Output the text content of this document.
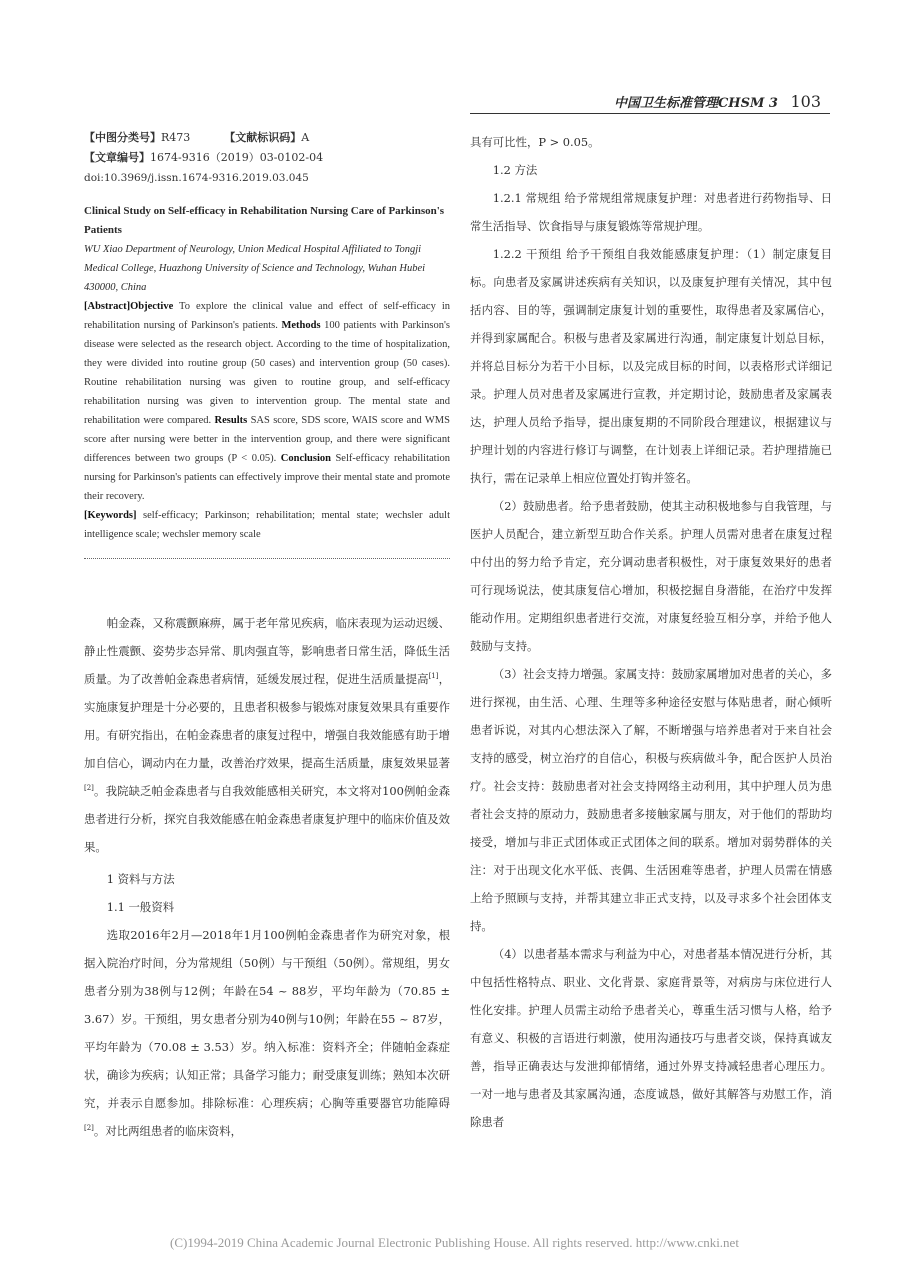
中国卫生标准管理CHSM 3 103
【中图分类号】R473	【文献标识码】A
【文章编号】1674-9316（2019）03-0102-04
doi:10.3969/j.issn.1674-9316.2019.03.045
Clinical Study on Self-efficacy in Rehabilitation Nursing Care of Parkinson's Patients
WU Xiao Department of Neurology, Union Medical Hospital Affiliated to Tongji Medical College, Huazhong University of Science and Technology, Wuhan Hubei 430000, China
[Abstract]Objective To explore the clinical value and effect of self-efficacy in rehabilitation nursing of Parkinson's patients. Methods 100 patients with Parkinson's disease were selected as the research object. According to the time of hospitalization, they were divided into routine group (50 cases) and intervention group (50 cases). Routine rehabilitation nursing was given to routine group, and self-efficacy rehabilitation nursing was given to intervention group. The mental state and rehabilitation were compared. Results SAS score, SDS score, WAIS score and WMS score after nursing were better in the intervention group, and there were significant differences between two groups (P < 0.05). Conclusion Self-efficacy rehabilitation nursing for Parkinson's patients can effectively improve their mental state and promote their recovery.
[Keywords] self-efficacy; Parkinson; rehabilitation; mental state; wechsler adult intelligence scale; wechsler memory scale
帕金森，又称震颤麻痹，属于老年常见疾病，临床表现为运动迟缓、静止性震颤、姿势步态异常、肌肉强直等，影响患者日常生活，降低生活质量。为了改善帕金森患者病情，延缓发展过程，促进生活质量提高[1]，实施康复护理是十分必要的，且患者积极参与锻炼对康复效果具有重要作用。有研究指出，在帕金森患者的康复过程中，增强自我效能感有助于增加自信心，调动内在力量，改善治疗效果，提高生活质量，康复效果显著[2]。我院缺乏帕金森患者与自我效能感相关研究，本文将对100例帕金森患者进行分析，探究自我效能感在帕金森患者康复护理中的临床价值及效果。
1 资料与方法
1.1 一般资料
选取2016年2月—2018年1月100例帕金森患者作为研究对象，根据入院治疗时间，分为常规组（50例）与干预组（50例）。常规组，男女患者分别为38例与12例；年龄在54 ~ 88岁，平均年龄为（70.85 ± 3.67）岁。干预组，男女患者分别为40例与10例；年龄在55 ~ 87岁，平均年龄为（70.08 ± 3.53）岁。纳入标准：资料齐全；伴随帕金森症状，确诊为疾病；认知正常；具备学习能力；耐受康复训练；熟知本次研究，并表示自愿参加。排除标准：心理疾病；心胸等重要器官功能障碍[2]。对比两组患者的临床资料，
具有可比性，P > 0.05。
1.2 方法
1.2.1 常规组 给予常规组常规康复护理：对患者进行药物指导、日常生活指导、饮食指导与康复锻炼等常规护理。
1.2.2 干预组 给予干预组自我效能感康复护理：（1）制定康复目标。向患者及家属讲述疾病有关知识，以及康复护理有关情况，其中包括内容、目的等，强调制定康复计划的重要性，取得患者及家属信心，并得到家属配合。积极与患者及家属进行沟通，制定康复计划总目标，并将总目标分为若干小目标，以及完成目标的时间，以表格形式详细记录。护理人员对患者及家属进行宣教，并定期讨论，鼓励患者及家属表达，护理人员给予指导，提出康复期的不同阶段合理建议，根据建议与护理计划的内容进行修订与调整，在计划表上详细记录。若护理措施已执行，需在记录单上相应位置处打钩并签名。
（2）鼓励患者。给予患者鼓励，使其主动积极地参与自我管理，与医护人员配合，建立新型互助合作关系。护理人员需对患者在康复过程中付出的努力给予肯定，充分调动患者积极性，对于康复效果好的患者可行现场说法，使其康复信心增加，积极挖掘自身潜能，在治疗中发挥能动作用。定期组织患者进行交流，对康复经验互相分享，并给予他人鼓励与支持。
（3）社会支持力增强。家属支持：鼓励家属增加对患者的关心，多进行探视，由生活、心理、生理等多种途径安慰与体贴患者，耐心倾听患者诉说，对其内心想法深入了解，不断增强与培养患者对于来自社会支持的感受，树立治疗的自信心，积极与疾病做斗争，配合医护人员治疗。社会支持：鼓励患者对社会支持网络主动利用，其中护理人员为患者社会支持的原动力，鼓励患者多接触家属与朋友，对于他们的帮助均接受，增加与非正式团体或正式团体之间的联系。增加对弱势群体的关注：对于出现文化水平低、丧偶、生活困难等患者，护理人员需在情感上给予照顾与支持，并帮其建立非正式支持，以及寻求多个社会团体支持。
（4）以患者基本需求与利益为中心，对患者基本情况进行分析，其中包括性格特点、职业、文化背景、家庭背景等，对病房与床位进行人性化安排。护理人员需主动给予患者关心，尊重生活习惯与人格，给予有意义、积极的言语进行刺激，使用沟通技巧与患者交谈，保持真诚友善，指导正确表达与发泄抑郁情绪，通过外界支持减轻患者心理压力。一对一地与患者及其家属沟通，态度诚恳，做好其解答与劝慰工作，消除患者
(C)1994-2019 China Academic Journal Electronic Publishing House. All rights reserved. http://www.cnki.net
